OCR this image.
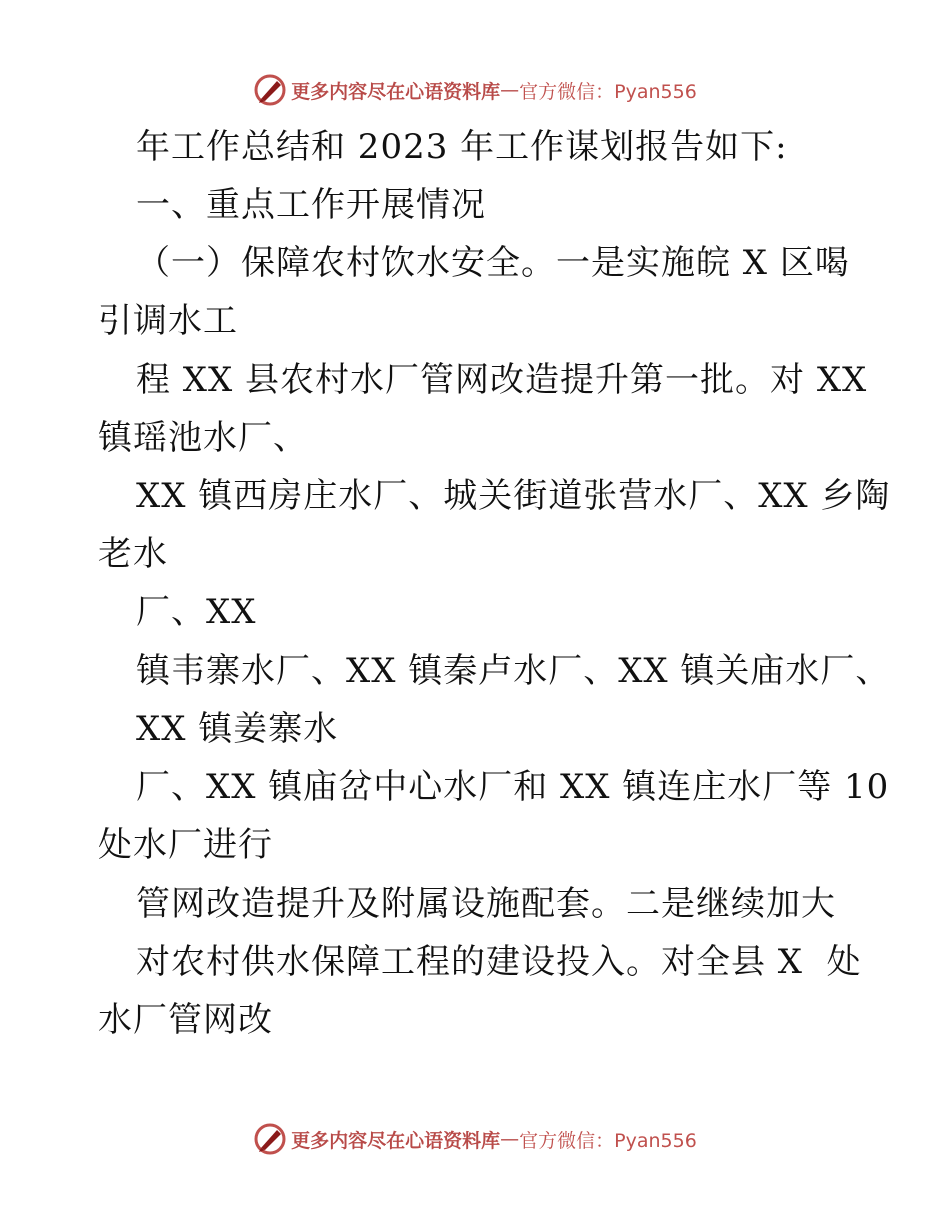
更多内容尽在心语资料库 — 官方微信：Pyan556

年工作总结和 2023 年工作谋划报告如下:

一、重点工作开展情况

（一）保障农村饮水安全。一是实施皖 X 区喝

引调水工

程 XX 县农村水厂管网改造提升第一批。对 XX

镇瑶池水厂、

XX 镇西房庄水厂、城关街道张营水厂、XX 乡陶

老水

厂、XX

镇韦寨水厂、XX 镇秦卢水厂、XX 镇关庙水厂、

XX 镇姜寨水

厂、XX 镇庙岔中心水厂和 XX 镇连庄水厂等 10

处水厂进行

管网改造提升及附属设施配套。二是继续加大

对农村供水保障工程的建设投入。对全县 X  处

水厂管网改

更多内容尽在心语资料库 — 官方微信：Pyan556
